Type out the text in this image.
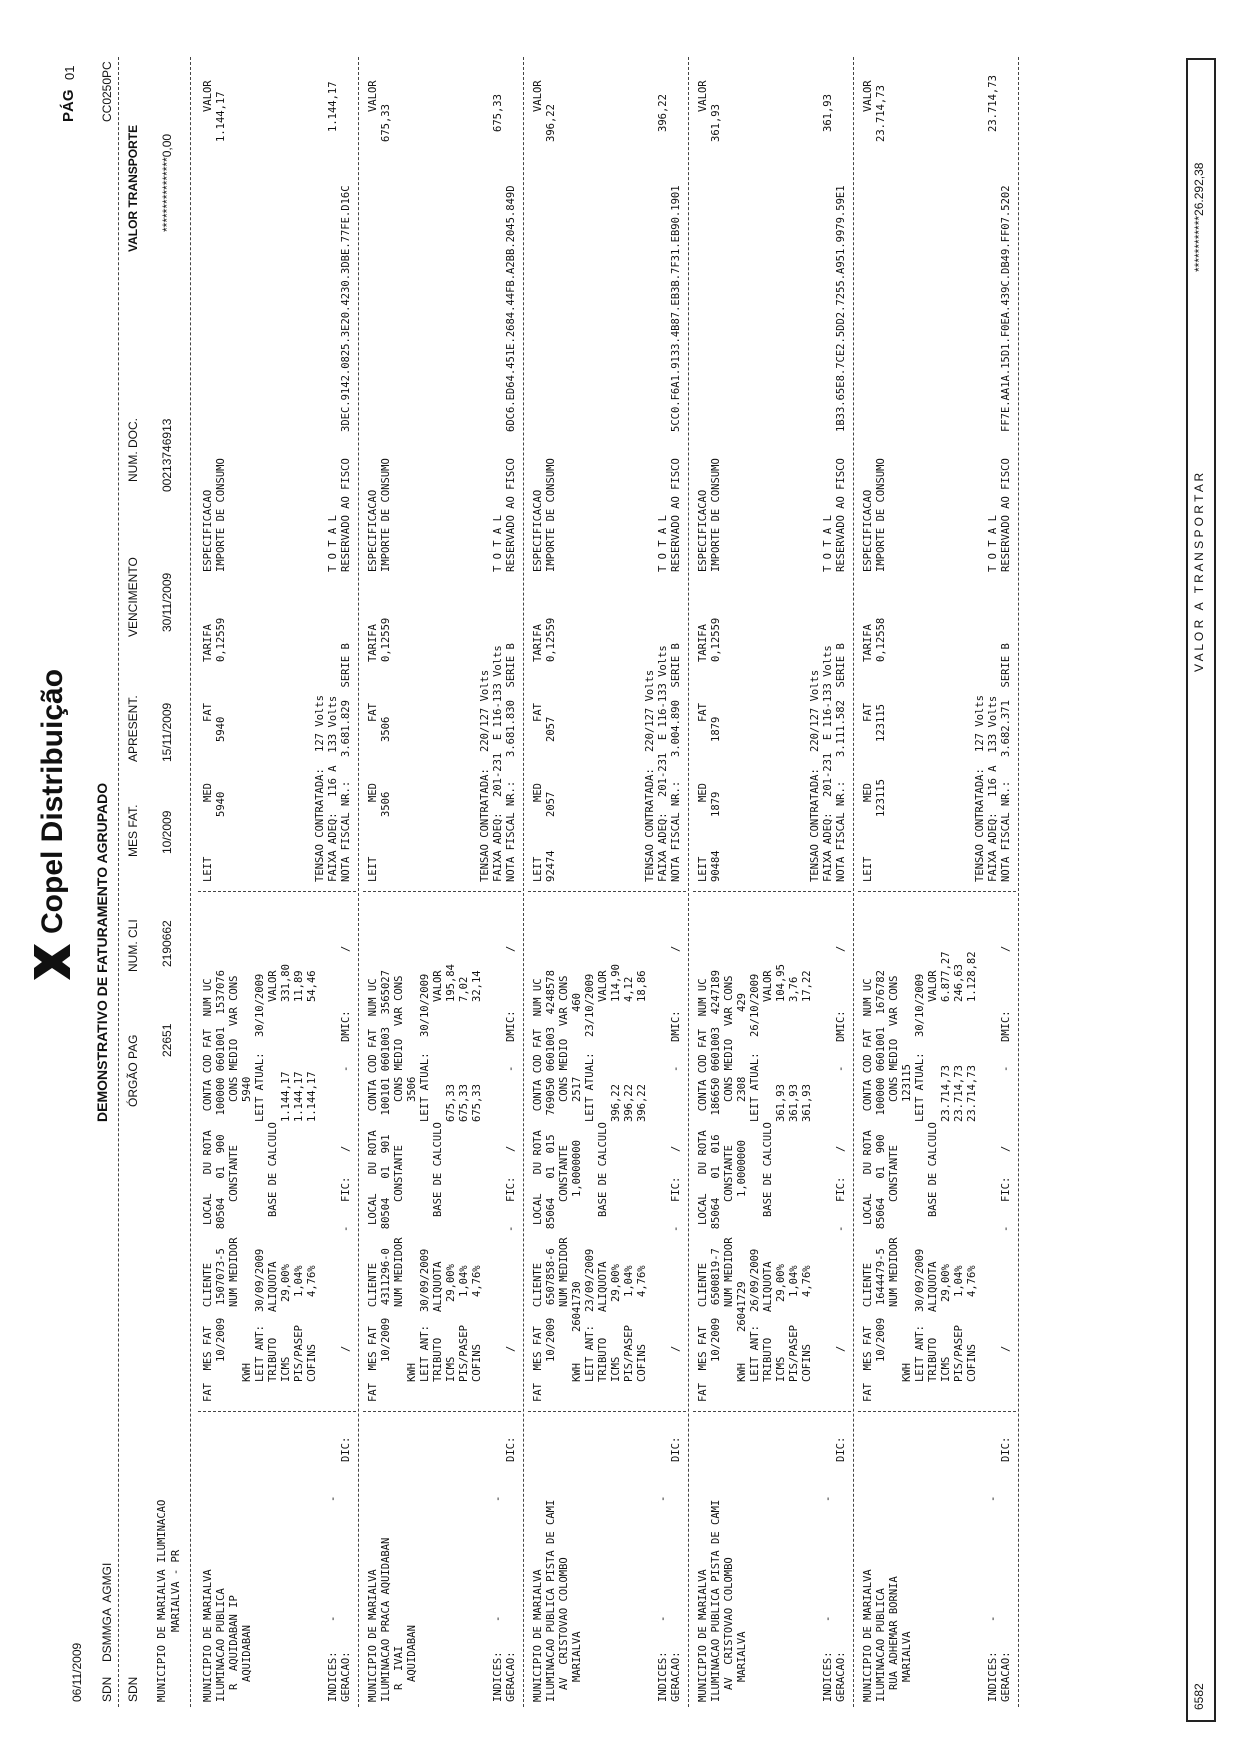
06/11/2009
Copel Distribuição
PÁG
01
DEMONSTRATIVO DE FATURAMENTO AGRUPADO
SDN
DSMMGA  AGMGI
CC0250PC
SDN
ÓRGÃO PAG
NUM. CLI
MES FAT.
APRESENT.
VENCIMENTO
NUM. DOC.
VALOR TRANSPORTE
MUNICIPIO DE MARIALVA ILUMINACAO MARIALVA - PR
22651
2190662
10/2009
15/11/2009
30/11/2009
00213746913
****************0,00
MUNICIPIO DE MARIALVA ILUMINACAO PUBLICA R  AQUIDABAN IP AQUIDABAN
FAT  MES FAT   CLIENTE      LOCAL   DU ROTA   CONTA COD FAT  NUM UC 10/2009  1507073-5   80504   01  900   100000 0601001  1537076 NUM MEDIDOR
CONSTANTE
CONS MEDIO  VAR CONS
KWH
5940
LEIT ANT:
30/09/2009
LEIT ATUAL:
30/10/2009
TRIBUTO
ALIQUOTA
BASE DE CALCULO
VALOR
ICMS
29,00%
1.144,17
331,80
PIS/PASEP
1,04%
1.144,17
11,89
COFINS
4,76%
1.144,17
54,46
LEIT
MED
FAT
TARIFA
5940
5940
0,12559
ESPECIFICACAO IMPORTE DE CONSUMO
VALOR 1.144,17
TENSAO CONTRATADA:
127 Volts
FAIXA ADEQ:
116 A  133 Volts
NOTA FISCAL NR.:
3.681.829  SERIE B
T O T A L
1.144,17
RESERVADO AO FISCO
3DEC.9142.0825.3E20.4230.3DBE.77FE.D16C
INDICES:
-
-
GERACAO:
DIC:
/
-
FIC:
/
-
DMIC:
/
MUNICIPIO DE MARIALVA ILUMINACAO PRACA AQUIDABAN R  IVAI AQUIDABAN
FAT  MES FAT   CLIENTE      LOCAL   DU ROTA   CONTA COD FAT  NUM UC 10/2009  4311296-0   80504   01  901   100101 0601003  3565027 NUM MEDIDOR
CONSTANTE
CONS MEDIO  VAR CONS
KWH
3506
LEIT ANT:
30/09/2009
LEIT ATUAL:
30/10/2009
TRIBUTO
ALIQUOTA
BASE DE CALCULO
VALOR
ICMS
29,00%
675,33
195,84
PIS/PASEP
1,04%
675,33
7,02
COFINS
4,76%
675,33
32,14
LEIT
MED
FAT
TARIFA
3506
3506
0,12559
ESPECIFICACAO IMPORTE DE CONSUMO
VALOR
675,33
TENSAO CONTRATADA:
220/127 Volts
FAIXA ADEQ:
201-231  E 116-133 Volts
NOTA FISCAL NR.:
3.681.830  SERIE B
T O T A L
675,33
RESERVADO AO FISCO
6DC6.ED64.451E.2684.44FB.A2BB.2045.849D
INDICES:
-
-
GERACAO:
DIC:
/
-
FIC:
/
-
DMIC:
/
MUNICIPIO DE MARIALVA ILUMINACAO PUBLICA PISTA DE CAMI AV  CRISTOVAO COLOMBO MARIALVA
FAT  MES FAT   CLIENTE      LOCAL   DU ROTA   CONTA COD FAT  NUM UC 10/2009  6507858-6   85064   01  015   769050 0601003  4248578 NUM MEDIDOR
CONSTANTE
CONS MEDIO  VAR CONS
KWH
26041730
1,0000000
2517
460
LEIT ANT:
23/09/2009
LEIT ATUAL:
23/10/2009
TRIBUTO
ALIQUOTA
BASE DE CALCULO
VALOR
ICMS
29,00%
396,22
114,90
PIS/PASEP
1,04%
396,22
4,12
COFINS
4,76%
396,22
18,86
LEIT
MED
FAT
TARIFA
92474
2057
2057
0,12559
ESPECIFICACAO IMPORTE DE CONSUMO
VALOR
396,22
TENSAO CONTRATADA:
220/127 Volts
FAIXA ADEQ:
201-231  E 116-133 Volts
NOTA FISCAL NR.:
3.004.890  SERIE B
T O T A L
396,22
RESERVADO AO FISCO
5CC0.F6A1.9133.4B87.EB3B.7F31.EB90.1901
INDICES:
-
-
GERACAO:
DIC:
/
-
FIC:
/
-
DMIC:
/
MUNICIPIO DE MARIALVA ILUMINACAO PUBLICA PISTA DE CAMI AV  CRISTOVAO COLOMBO MARIALVA
FAT  MES FAT   CLIENTE      LOCAL   DU ROTA   CONTA COD FAT  NUM UC 10/2009  6500819-7   85064   01  016   186650 0601003  4247189 NUM MEDIDOR
CONSTANTE
CONS MEDIO  VAR CONS
KWH
26041729
1,0000000
2308
429
LEIT ANT:
26/09/2009
LEIT ATUAL:
26/10/2009
TRIBUTO
ALIQUOTA
BASE DE CALCULO
VALOR
ICMS
29,00%
361,93
104,95
PIS/PASEP
1,04%
361,93
3,76
COFINS
4,76%
361,93
17,22
LEIT
MED
FAT
TARIFA
90484
1879
1879
0,12559
ESPECIFICACAO IMPORTE DE CONSUMO
VALOR
361,93
TENSAO CONTRATADA:
220/127 Volts
FAIXA ADEQ:
201-231  E 116-133 Volts
NOTA FISCAL NR.:
3.111.582  SERIE B
T O T A L
361,93
RESERVADO AO FISCO
1B33.65E8.7CE2.5DD2.7255.A951.9979.59E1
INDICES:
-
-
GERACAO:
DIC:
/
-
FIC:
/
-
DMIC:
/
MUNICIPIO DE MARIALVA ILUMINACAO PUBLICA RUA ADHEMAR BORNIA MARIALVA
FAT  MES FAT   CLIENTE      LOCAL   DU ROTA   CONTA COD FAT  NUM UC 10/2009  1644479-5   85064   01  900   100000 0601001  1676782 NUM MEDIDOR
CONSTANTE
CONS MEDIO  VAR CONS
KWH
123115
LEIT ANT:
30/09/2009
LEIT ATUAL:
30/10/2009
TRIBUTO
ALIQUOTA
BASE DE CALCULO
VALOR
ICMS
29,00%
23.714,73
6.877,27
PIS/PASEP
1,04%
23.714,73
246,63
COFINS
4,76%
23.714,73
1.128,82
LEIT
MED
FAT
TARIFA
123115
123115
0,12558
ESPECIFICACAO IMPORTE DE CONSUMO
VALOR 23.714,73
TENSAO CONTRATADA:
127 Volts
FAIXA ADEQ:
116 A  133 Volts
NOTA FISCAL NR.:
3.682.371  SERIE B
T O T A L
23.714,73
RESERVADO AO FISCO
FF7E.AA1A.15D1.F0EA.439C.DB49.FF07.5202
INDICES:
-
-
GERACAO:
DIC:
/
-
FIC:
/
-
DMIC:
/
6582
V A L O R   A   T R A N S P O R T A R
************26.292,38
